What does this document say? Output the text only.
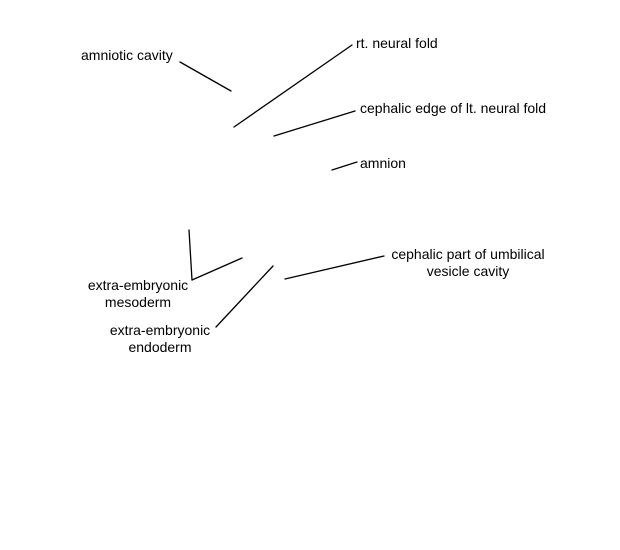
amniotic cavity
rt. neural fold
cephalic edge of lt. neural fold
amnion
cephalic part of umbilical
vesicle cavity
extra-embryonic
mesoderm
extra-embryonic
endoderm
